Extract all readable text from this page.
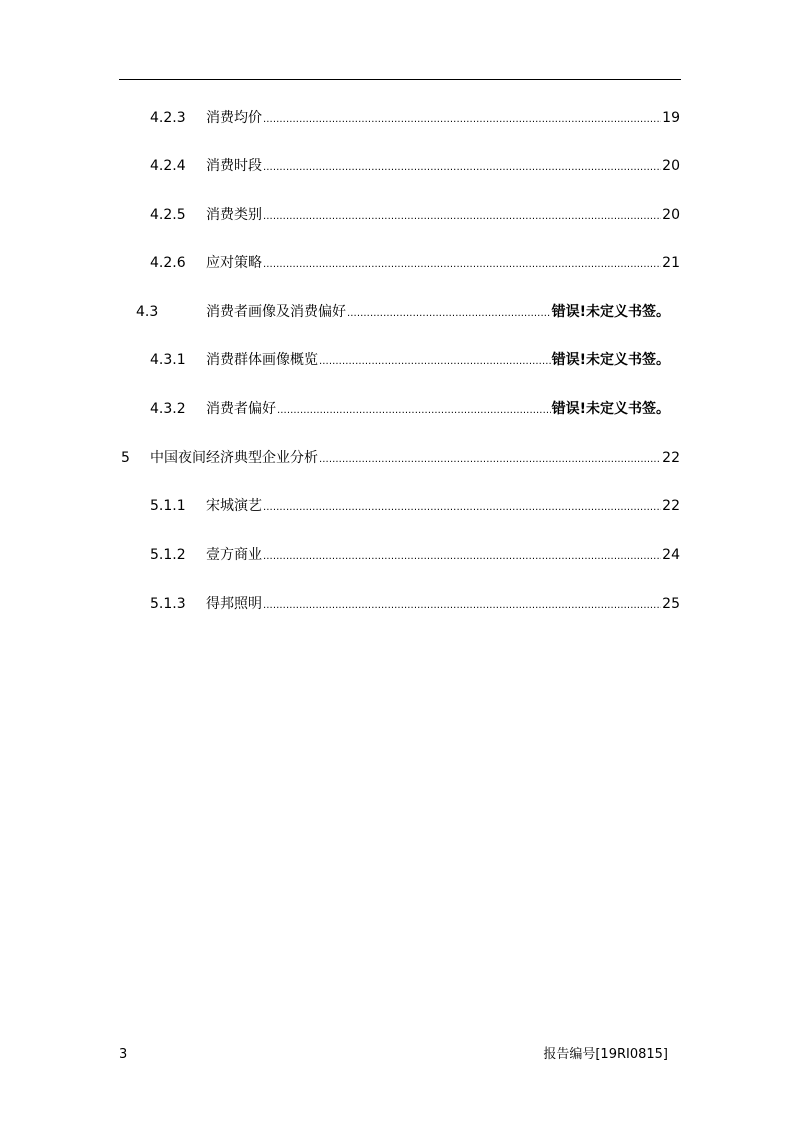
4.2.3 消费均价 .....	19
4.2.4 消费时段 .....	20
4.2.5 消费类别 .....	20
4.2.6 应对策略 .....	21
4.3	消费者画像及消费偏好 .....	错误!未定义书签。
4.3.1 消费群体画像概览 .....	错误!未定义书签。
4.3.2 消费者偏好 .....	错误!未定义书签。
5 中国夜间经济典型企业分析 .....	22
5.1.1 宋城演艺 .....	22
5.1.2 壹方商业 .....	24
5.1.3 得邦照明 .....	25
3	报告编号[19RI0815]
